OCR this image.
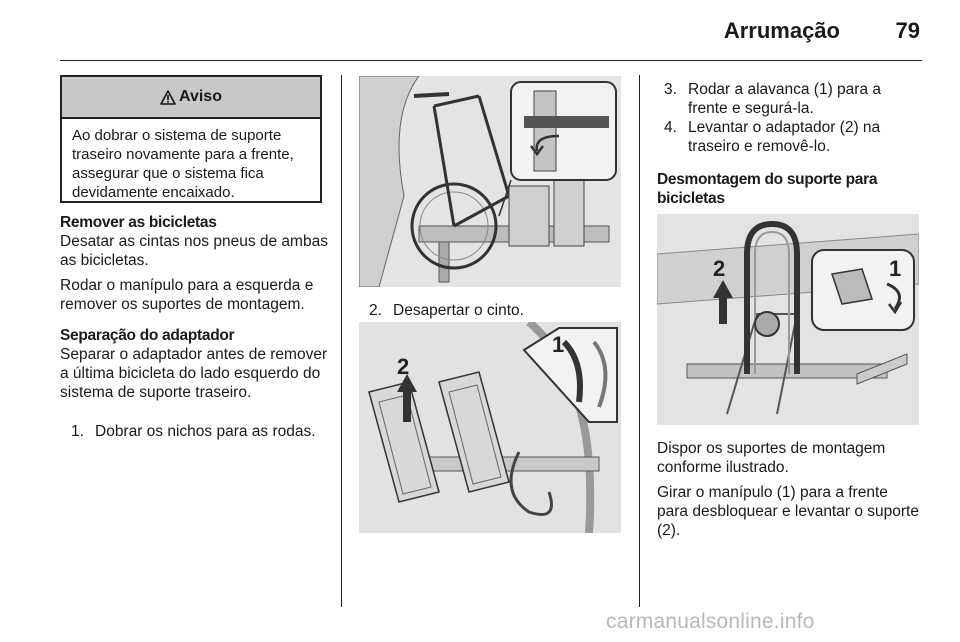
Arrumação	79
Aviso
Ao dobrar o sistema de suporte traseiro novamente para a frente, assegurar que o sistema fica devidamente encaixado.

Remover as bicicletas

Desatar as cintas nos pneus de ambas as bicicletas.

Rodar o manípulo para a esquerda e remover os suportes de montagem.

Separação do adaptador

Separar o adaptador antes de remover a última bicicleta do lado esquerdo do sistema de suporte traseiro.

1. Dobrar os nichos para as rodas.
2. Desapertar o cinto.
2
1
3. Rodar a alavanca (1) para a frente e segurá-la.
4. Levantar o adaptador (2) na traseiro e removê-lo.

Desmontagem do suporte para bicicletas

2	1

Dispor os suportes de montagem conforme ilustrado.

Girar o manípulo (1) para a frente para desbloquear e levantar o suporte (2).

carmanualsonline.info
